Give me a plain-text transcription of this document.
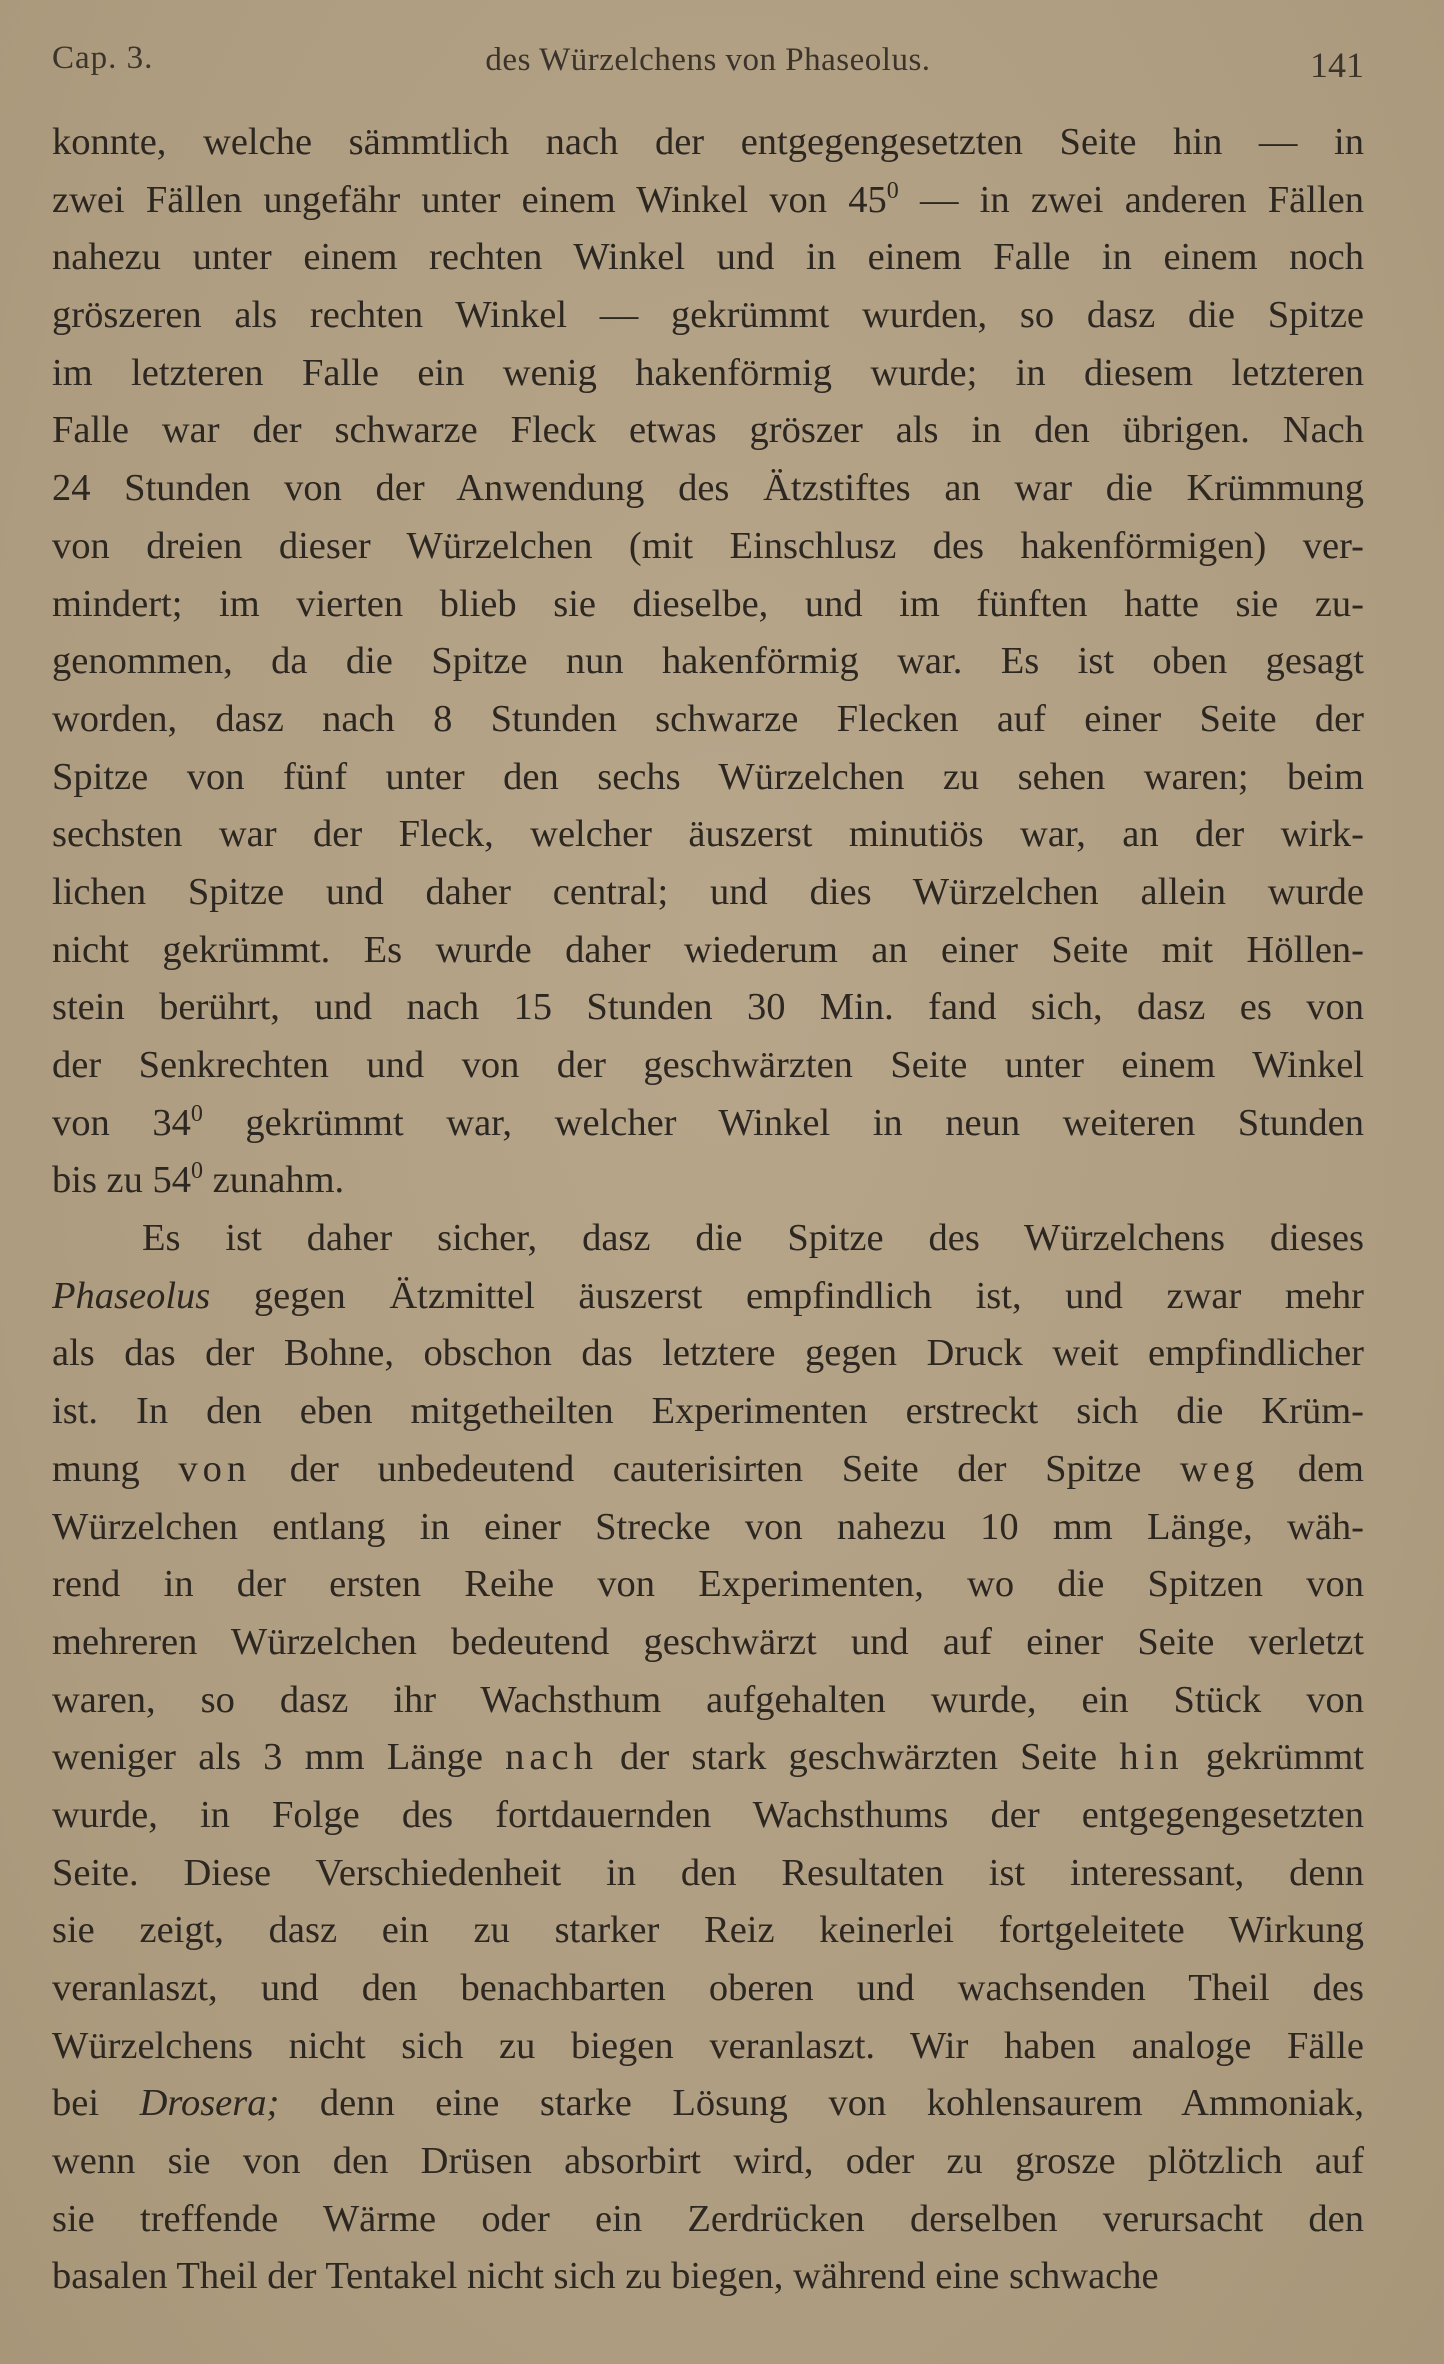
Cap. 3.	des Würzelchens von Phaseolus.	141
konnte, welche sämmtlich nach der entgegengesetzten Seite hin — in
zwei Fällen ungefähr unter einem Winkel von $45^0$ — in zwei anderen Fällen
nahezu unter einem rechten Winkel und in einem Falle in einem noch
grӧszeren als rechten Winkel — gekrümmt wurden, so dasz die Spitze
im letzteren Falle ein wenig hakenförmig wurde; in diesem letzteren
Falle war der schwarze Fleck etwas grӧszer als in den übrigen. Nach
24 Stunden von der Anwendung des Ätzstiftes an war die Krümmung
von dreien dieser Würzelchen (mit Einschlusz des hakenförmigen) ver-
mindert; im vierten blieb sie dieselbe, und im fünften hatte sie zu-
genommen, da die Spitze nun hakenförmig war. Es ist oben gesagt
worden, dasz nach 8 Stunden schwarze Flecken auf einer Seite der
Spitze von fünf unter den sechs Würzelchen zu sehen waren; beim
sechsten war der Fleck, welcher äuszerst minutiös war, an der wirk-
lichen Spitze und daher central; und dies Würzelchen allein wurde
nicht gekrümmt. Es wurde daher wiederum an einer Seite mit Höllen-
stein berührt, und nach 15 Stunden 30 Min. fand sich, dasz es von
der Senkrechten und von der geschwärzten Seite unter einem Winkel
von $34^0$ gekrümmt war, welcher Winkel in neun weiteren Stunden
bis zu $54^0$ zunahm.
Es ist daher sicher, dasz die Spitze des Würzelchens dieses
Phaseolus gegen Ätzmittel äuszerst empfindlich ist, und zwar mehr
als das der Bohne, obschon das letztere gegen Druck weit empfindlicher
ist. In den eben mitgetheilten Experimenten erstreckt sich die Krüm-
mung von der unbedeutend cauterisirten Seite der Spitze weg dem
Würzelchen entlang in einer Strecke von nahezu 10 mm Länge, wäh-
rend in der ersten Reihe von Experimenten, wo die Spitzen von
mehreren Würzelchen bedeutend geschwärzt und auf einer Seite verletzt
waren, so dasz ihr Wachsthum aufgehalten wurde, ein Stück von
weniger als 3 mm Länge nach der stark geschwärzten Seite hin gekrümmt
wurde, in Folge des fortdauernden Wachsthums der entgegengesetzten
Seite. Diese Verschiedenheit in den Resultaten ist interessant, denn
sie zeigt, dasz ein zu starker Reiz keinerlei fortgeleitete Wirkung
veranlaszt, und den benachbarten oberen und wachsenden Theil des
Würzelchens nicht sich zu biegen veranlaszt. Wir haben analoge Fälle
bei Drosera; denn eine starke Lösung von kohlensaurem Ammoniak,
wenn sie von den Drüsen absorbirt wird, oder zu grosze plötzlich auf
sie treffende Wärme oder ein Zerdrücken derselben verursacht den
basalen Theil der Tentakel nicht sich zu biegen, während eine schwache
